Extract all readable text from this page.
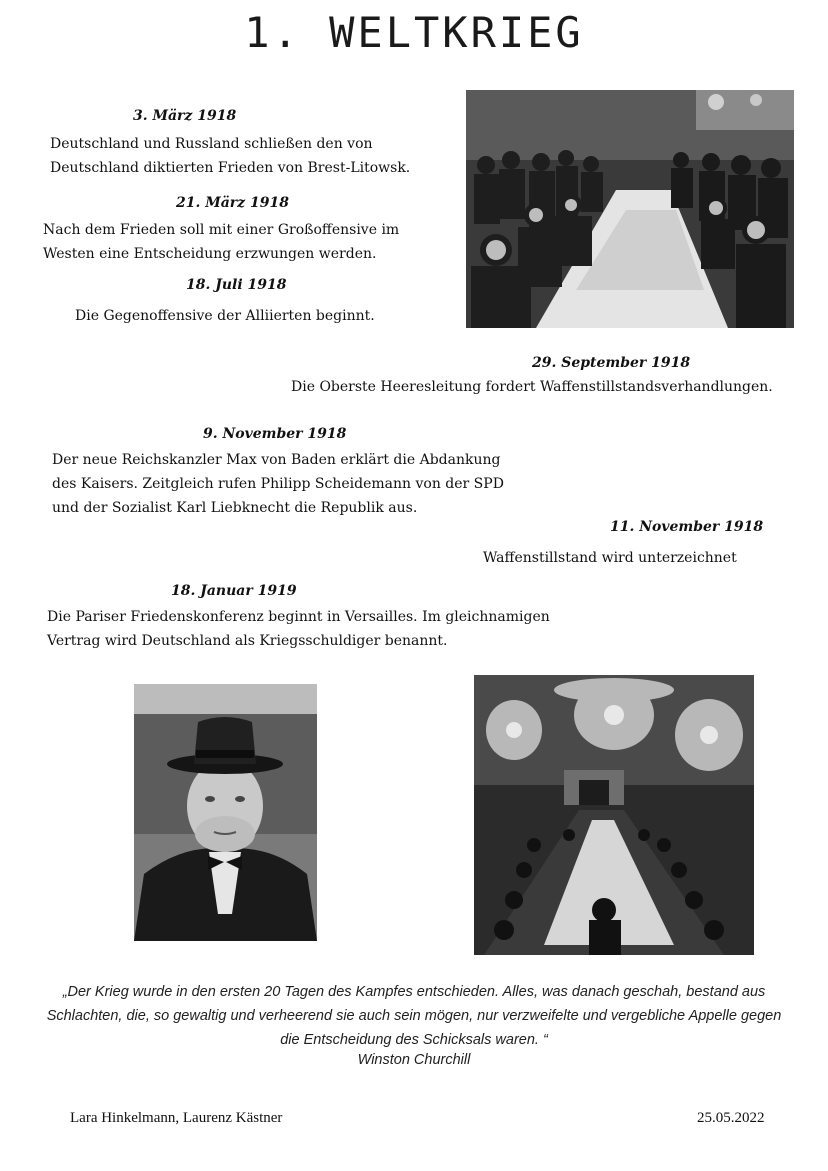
1. WELTKRIEG
3. März 1918
Deutschland und Russland schließen den von
Deutschland diktierten Frieden von Brest-Litowsk.
21. März 1918
Nach dem Frieden soll mit einer Großoffensive im
Westen eine Entscheidung erzwungen werden.
18. Juli 1918
Die Gegenoffensive der Alliierten beginnt.
29. September 1918
Die Oberste Heeresleitung fordert Waffenstillstandsverhandlungen.
9. November 1918
Der neue Reichskanzler Max von Baden erklärt die Abdankung
des Kaisers. Zeitgleich rufen Philipp Scheidemann von der SPD
und der Sozialist Karl Liebknecht die Republik aus.
11. November 1918
Waffenstillstand wird unterzeichnet
18. Januar 1919
Die Pariser Friedenskonferenz beginnt in Versailles. Im gleichnamigen
Vertrag wird Deutschland als Kriegsschuldiger benannt.
„Der Krieg wurde in den ersten 20 Tagen des Kampfes entschieden. Alles, was danach geschah, bestand aus Schlachten, die, so gewaltig und verheerend sie auch sein mögen, nur verzweifelte und vergebliche Appelle gegen die Entscheidung des Schicksals waren. “
Winston Churchill
Lara Hinkelmann, Laurenz Kästner	25.05.2022
